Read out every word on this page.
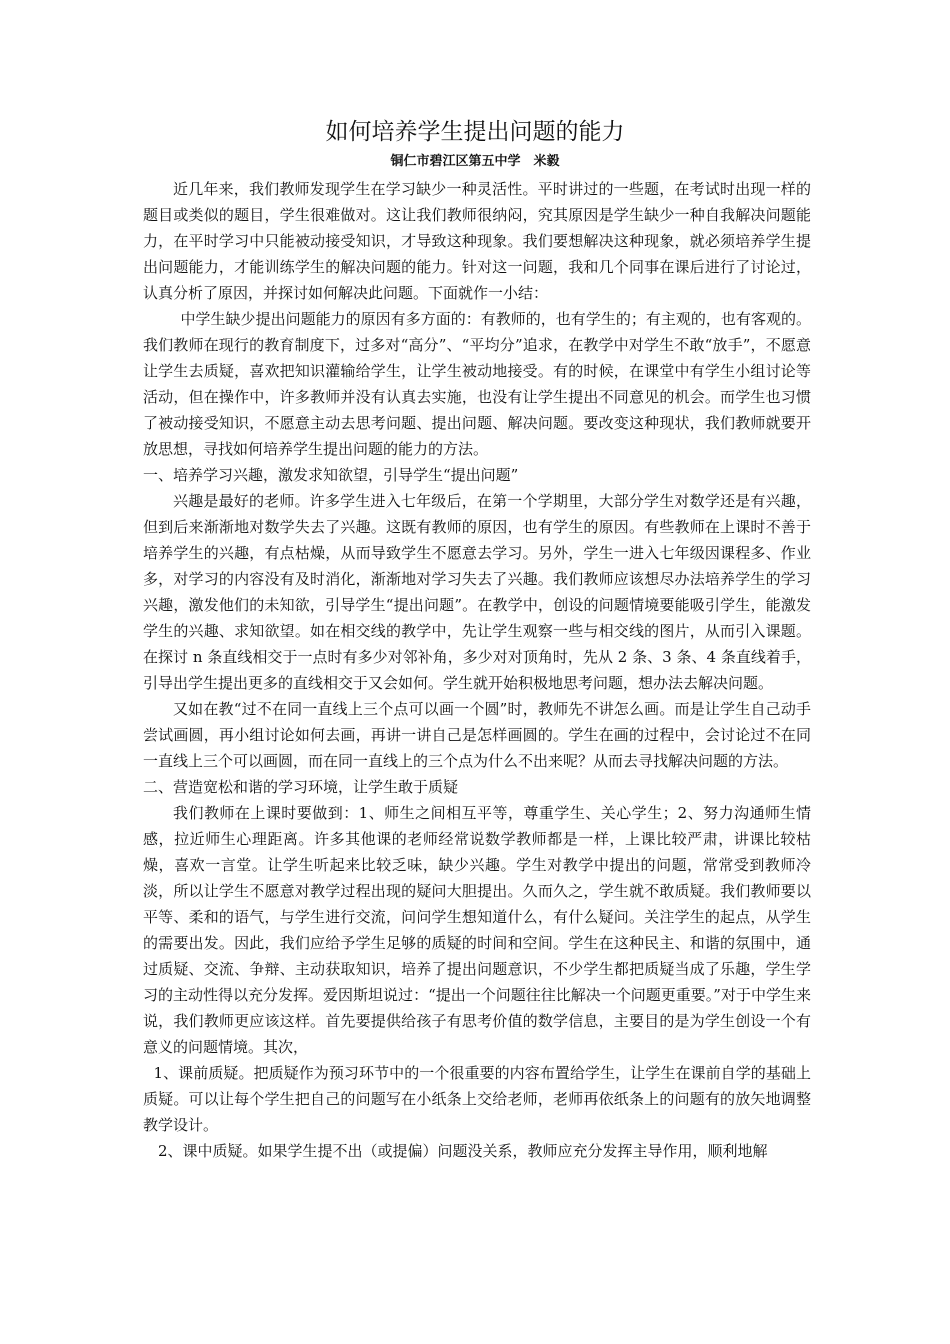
如何培养学生提出问题的能力
铜仁市碧江区第五中学　米毅

近几年来，我们教师发现学生在学习缺少一种灵活性。平时讲过的一些题，在考试时出现一样的题目或类似的题目，学生很难做对。这让我们教师很纳闷，究其原因是学生缺少一种自我解决问题能力，在平时学习中只能被动接受知识，才导致这种现象。我们要想解决这种现象，就必须培养学生提出问题能力，才能训练学生的解决问题的能力。针对这一问题，我和几个同事在课后进行了讨论过，认真分析了原因，并探讨如何解决此问题。下面就作一小结：

中学生缺少提出问题能力的原因有多方面的：有教师的，也有学生的；有主观的，也有客观的。我们教师在现行的教育制度下，过多对“高分”、“平均分”追求，在教学中对学生不敢“放手”，不愿意让学生去质疑，喜欢把知识灌输给学生，让学生被动地接受。有的时候，在课堂中有学生小组讨论等活动，但在操作中，许多教师并没有认真去实施，也没有让学生提出不同意见的机会。而学生也习惯了被动接受知识，不愿意主动去思考问题、提出问题、解决问题。要改变这种现状，我们教师就要开放思想，寻找如何培养学生提出问题的能力的方法。

一、培养学习兴趣，激发求知欲望，引导学生“提出问题”

兴趣是最好的老师。许多学生进入七年级后，在第一个学期里，大部分学生对数学还是有兴趣，但到后来渐渐地对数学失去了兴趣。这既有教师的原因，也有学生的原因。有些教师在上课时不善于培养学生的兴趣，有点枯燥，从而导致学生不愿意去学习。另外，学生一进入七年级因课程多、作业多，对学习的内容没有及时消化，渐渐地对学习失去了兴趣。我们教师应该想尽办法培养学生的学习兴趣，激发他们的未知欲，引导学生“提出问题”。在教学中，创设的问题情境要能吸引学生，能激发学生的兴趣、求知欲望。如在相交线的教学中，先让学生观察一些与相交线的图片，从而引入课题。在探讨 n 条直线相交于一点时有多少对邻补角，多少对对顶角时，先从 2 条、3 条、4 条直线着手，引导出学生提出更多的直线相交于又会如何。学生就开始积极地思考问题，想办法去解决问题。

又如在教“过不在同一直线上三个点可以画一个圆”时，教师先不讲怎么画。而是让学生自己动手尝试画圆，再小组讨论如何去画，再讲一讲自己是怎样画圆的。学生在画的过程中，会讨论过不在同一直线上三个可以画圆，而在同一直线上的三个点为什么不出来呢？从而去寻找解决问题的方法。

二、营造宽松和谐的学习环境，让学生敢于质疑

我们教师在上课时要做到：1、师生之间相互平等，尊重学生、关心学生；2、努力沟通师生情感，拉近师生心理距离。许多其他课的老师经常说数学教师都是一样，上课比较严肃，讲课比较枯燥，喜欢一言堂。让学生听起来比较乏味，缺少兴趣。学生对教学中提出的问题，常常受到教师冷淡，所以让学生不愿意对教学过程出现的疑问大胆提出。久而久之，学生就不敢质疑。我们教师要以平等、柔和的语气，与学生进行交流，问问学生想知道什么，有什么疑问。关注学生的起点，从学生的需要出发。因此，我们应给予学生足够的质疑的时间和空间。学生在这种民主、和谐的氛围中，通过质疑、交流、争辩、主动获取知识，培养了提出问题意识，不少学生都把质疑当成了乐趣，学生学习的主动性得以充分发挥。爱因斯坦说过：“提出一个问题往往比解决一个问题更重要。”对于中学生来说，我们教师更应该这样。首先要提供给孩子有思考价值的数学信息，主要目的是为学生创设一个有意义的问题情境。其次，

1、课前质疑。把质疑作为预习环节中的一个很重要的内容布置给学生，让学生在课前自学的基础上质疑。可以让每个学生把自己的问题写在小纸条上交给老师，老师再依纸条上的问题有的放矢地调整教学设计。

2、课中质疑。如果学生提不出（或提偏）问题没关系，教师应充分发挥主导作用，顺利地解
